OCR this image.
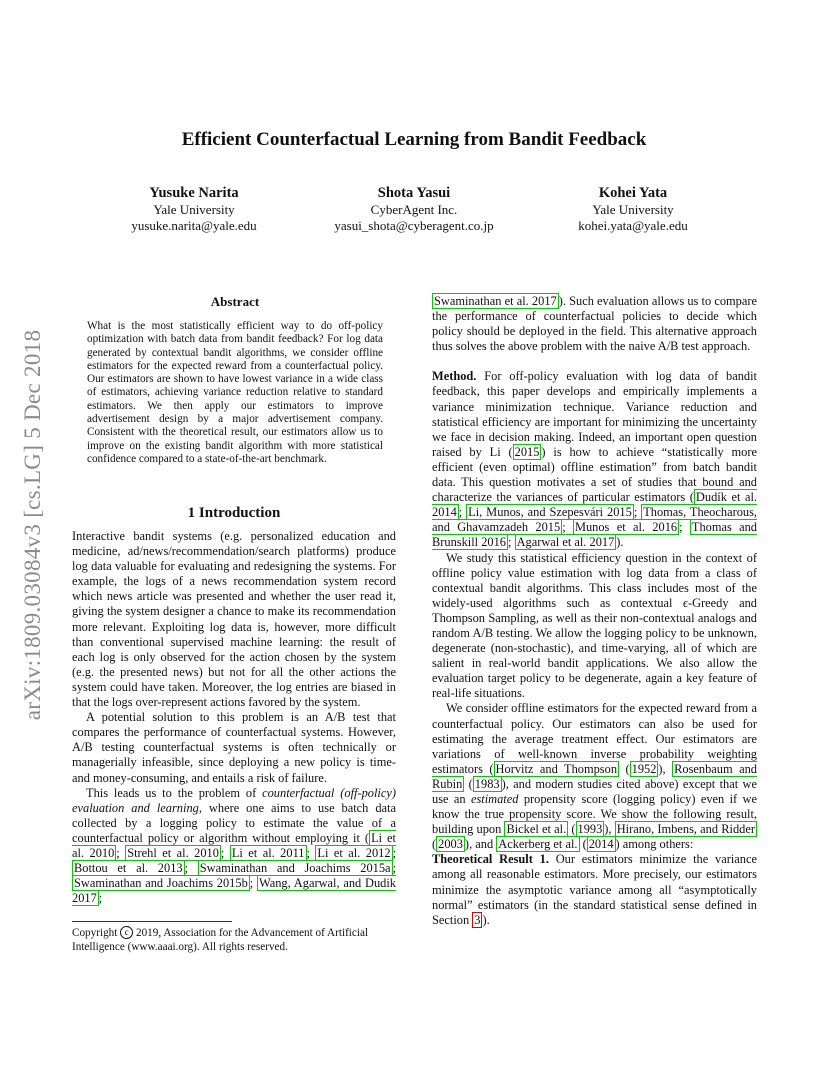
Efficient Counterfactual Learning from Bandit Feedback
Yusuke Narita
Yale University
yusuke.narita@yale.edu
Shota Yasui
CyberAgent Inc.
yasui_shota@cyberagent.co.jp
Kohei Yata
Yale University
kohei.yata@yale.edu
arXiv:1809.03084v3 [cs.LG] 5 Dec 2018
Abstract
What is the most statistically efficient way to do off-policy optimization with batch data from bandit feedback? For log data generated by contextual bandit algorithms, we consider offline estimators for the expected reward from a counterfactual policy. Our estimators are shown to have lowest variance in a wide class of estimators, achieving variance reduction relative to standard estimators. We then apply our estimators to improve advertisement design by a major advertisement company. Consistent with the theoretical result, our estimators allow us to improve on the existing bandit algorithm with more statistical confidence compared to a state-of-the-art benchmark.
1 Introduction

Interactive bandit systems (e.g. personalized education and medicine, ad/news/recommendation/search platforms) produce log data valuable for evaluating and redesigning the systems. For example, the logs of a news recommendation system record which news article was presented and whether the user read it, giving the system designer a chance to make its recommendation more relevant. Exploiting log data is, however, more difficult than conventional supervised machine learning: the result of each log is only observed for the action chosen by the system (e.g. the presented news) but not for all the other actions the system could have taken. Moreover, the log entries are biased in that the logs over-represent actions favored by the system.

A potential solution to this problem is an A/B test that compares the performance of counterfactual systems. However, A/B testing counterfactual systems is often technically or managerially infeasible, since deploying a new policy is time- and money-consuming, and entails a risk of failure.

This leads us to the problem of counterfactual (off-policy) evaluation and learning, where one aims to use batch data collected by a logging policy to estimate the value of a counterfactual policy or algorithm without employing it ( Li et al. 2010 ; Strehl et al. 2010 ; Li et al. 2011 ; Li et al. 2012 ; Bottou et al. 2013 ; Swaminathan and Joachims 2015a ; Swaminathan and Joachims 2015b ; Wang, Agarwal, and Dudik 2017 ;

Copyright c 2019, Association for the Advancement of Artificial Intelligence (www.aaai.org). All rights reserved.

Swaminathan et al. 2017 ). Such evaluation allows us to compare the performance of counterfactual policies to decide which policy should be deployed in the field. This alternative approach thus solves the above problem with the naive A/B test approach.

Method. For off-policy evaluation with log data of bandit feedback, this paper develops and empirically implements a variance minimization technique. Variance reduction and statistical efficiency are important for minimizing the uncertainty we face in decision making. Indeed, an important open question raised by Li ( 2015 ) is how to achieve “statistically more efficient (even optimal) offline estimation” from batch bandit data. This question motivates a set of studies that bound and characterize the variances of particular estimators ( Dudík et al. 2014 ; Li, Munos, and Szepesvári 2015 ; Thomas, Theocharous, and Ghavamzadeh 2015 ; Munos et al. 2016 ; Thomas and Brunskill 2016 ; Agarwal et al. 2017 ).

We study this statistical efficiency question in the context of offline policy value estimation with log data from a class of contextual bandit algorithms. This class includes most of the widely-used algorithms such as contextual ϵ-Greedy and Thompson Sampling, as well as their non-contextual analogs and random A/B testing. We allow the logging policy to be unknown, degenerate (non-stochastic), and time-varying, all of which are salient in real-world bandit applications. We also allow the evaluation target policy to be degenerate, again a key feature of real-life situations.

We consider offline estimators for the expected reward from a counterfactual policy. Our estimators can also be used for estimating the average treatment effect. Our estimators are variations of well-known inverse probability weighting estimators ( Horvitz and Thompson ( 1952 ), Rosenbaum and Rubin ( 1983 ), and modern studies cited above) except that we use an estimated propensity score (logging policy) even if we know the true propensity score. We show the following result, building upon Bickel et al. ( 1993 ), Hirano, Imbens, and Ridder ( 2003 ), and Ackerberg et al. ( 2014 ) among others:

Theoretical Result 1. Our estimators minimize the variance among all reasonable estimators. More precisely, our estimators minimize the asymptotic variance among all “asymptotically normal” estimators (in the standard statistical sense defined in Section 3 ).
